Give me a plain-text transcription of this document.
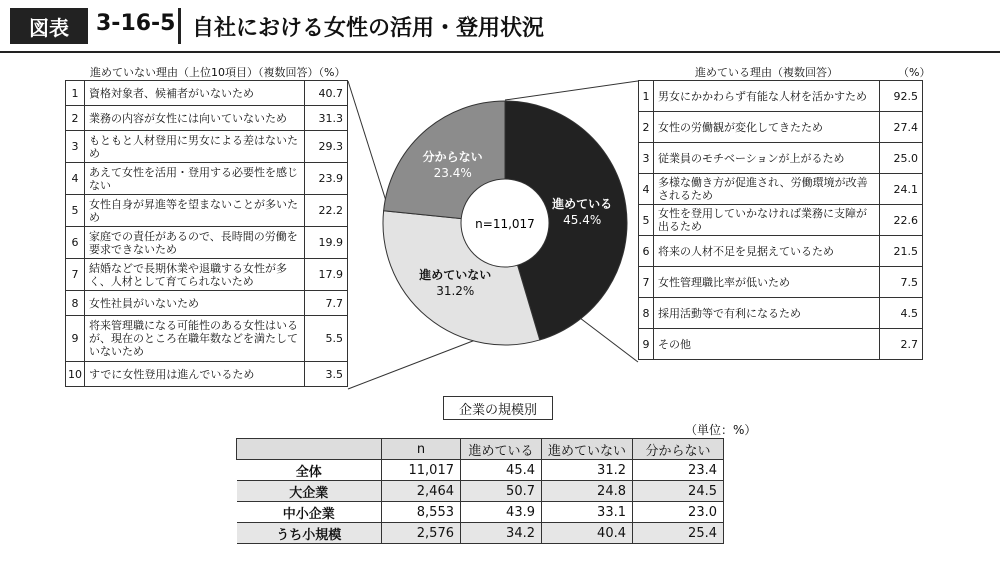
図表	3-16-5 自社における女性の活用・登用状況
進めていない理由（上位10項目）（複数回答）（%）
1	資格対象者、候補者がいないため	40.7
2	業務の内容が女性には向いていないため	31.3
3	もともと人材登用に男女による差はないため	29.3
4	あえて女性を活用・登用する必要性を感じない	23.9
5	女性自身が昇進等を望まないことが多いため	22.2
6	家庭での責任があるので、長時間の労働を要求できないため	19.9
7	結婚などで長期休業や退職する女性が多く、人材として育てられないため	17.9
8	女性社員がいないため	7.7
9	将来管理職になる可能性のある女性はいるが、現在のところ在職年数などを満たしていないため	5.5
10	すでに女性登用は進んでいるため	3.5
進めている理由（複数回答）	（%）
1	男女にかかわらず有能な人材を活かすため	92.5
2	女性の労働観が変化してきたため	27.4
3	従業員のモチベーションが上がるため	25.0
4	多様な働き方が促進され、労働環境が改善されるため	24.1
5	女性を登用していかなければ業務に支障が出るため	22.6
6	将来の人材不足を見据えているため	21.5
7	女性管理職比率が低いため	7.5
8	採用活動等で有利になるため	4.5
9	その他	2.7
n=11,017
進めている
45.4%
進めていない
31.2%
分からない
23.4%
企業の規模別
（単位：%）
	n	進めている	進めていない	分からない
全体	11,017	45.4	31.2	23.4
大企業	2,464	50.7	24.8	24.5
中小企業	8,553	43.9	33.1	23.0
うち小規模	2,576	34.2	40.4	25.4
